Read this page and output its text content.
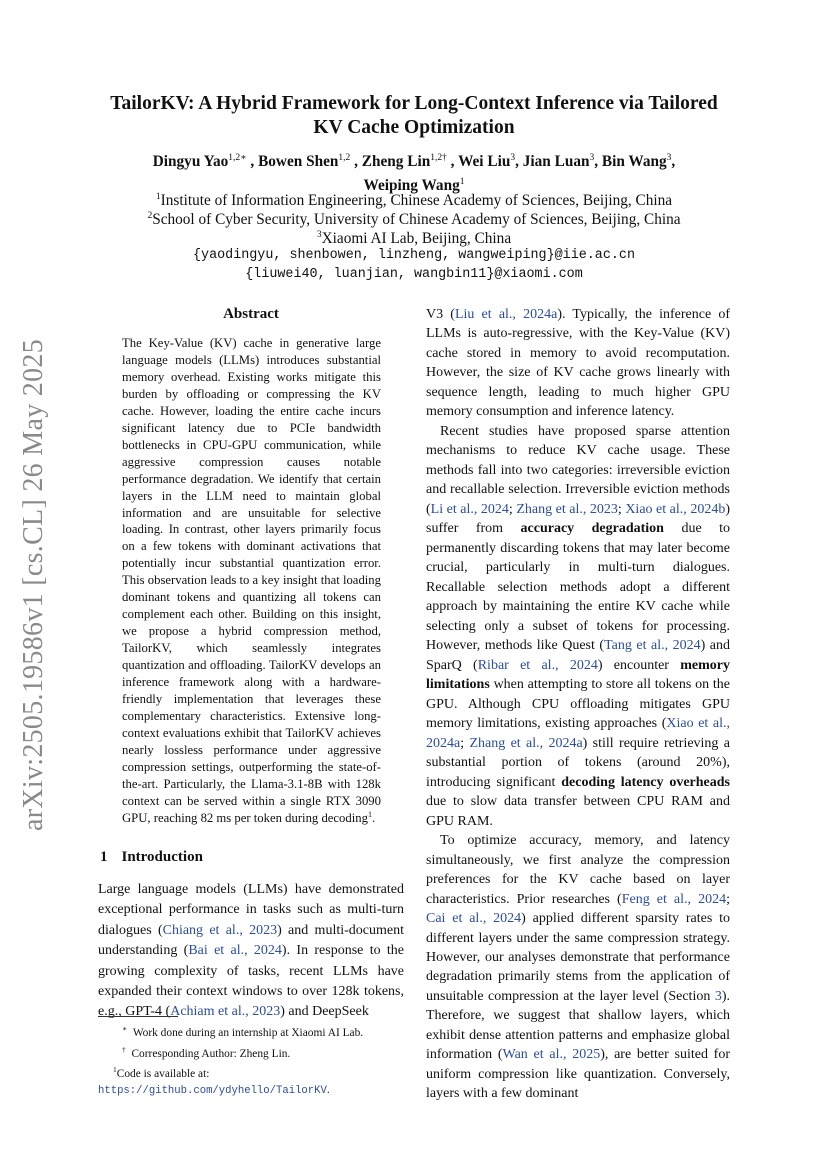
arXiv:2505.19586v1 [cs.CL] 26 May 2025
TailorKV: A Hybrid Framework for Long-Context Inference via Tailored
KV Cache Optimization
Dingyu Yao$^{1,2∗}$ , Bowen Shen$^{1,2}$ , Zheng Lin$^{1,2\dagger}$ , Wei Liu$^3$, Jian Luan$^3$, Bin Wang$^3$,
Weiping Wang$^1$
$^1$Institute of Information Engineering, Chinese Academy of Sciences, Beijing, China
$^2$School of Cyber Security, University of Chinese Academy of Sciences, Beijing, China
$^3$Xiaomi AI Lab, Beijing, China
{yaodingyu, shenbowen, linzheng, wangweiping}@iie.ac.cn
{liuwei40, luanjian, wangbin11}@xiaomi.com
Abstract
The Key-Value (KV) cache in generative large language models (LLMs) introduces substantial memory overhead. Existing works mitigate this burden by offloading or compressing the KV cache. However, loading the entire cache incurs significant latency due to PCIe bandwidth bottlenecks in CPU-GPU communication, while aggressive compression causes notable performance degradation. We identify that certain layers in the LLM need to maintain global information and are unsuitable for selective loading. In contrast, other layers primarily focus on a few tokens with dominant activations that potentially incur substantial quantization error. This observation leads to a key insight that loading dominant tokens and quantizing all tokens can complement each other. Building on this insight, we propose a hybrid compression method, TailorKV, which seamlessly integrates quantization and offloading. TailorKV develops an inference framework along with a hardware-friendly implementation that leverages these complementary characteristics. Extensive long-context evaluations exhibit that TailorKV achieves nearly lossless performance under aggressive compression settings, outperforming the state-of-the-art. Particularly, the Llama-3.1-8B with 128k context can be served within a single RTX 3090 GPU, reaching 82 ms per token during decoding$^1$.
1 Introduction
Large language models (LLMs) have demonstrated exceptional performance in tasks such as multi-turn dialogues (Chiang et al., 2023) and multi-document understanding (Bai et al., 2024). In response to the growing complexity of tasks, recent LLMs have expanded their context windows to over 128k tokens, e.g., GPT-4 (Achiam et al., 2023) and DeepSeek
∗ Work done during an internship at Xiaomi AI Lab.
† Corresponding Author: Zheng Lin.
$^1$Code is available at: https://github.com/ydyhello/TailorKV.

V3 (Liu et al., 2024a). Typically, the inference of LLMs is auto-regressive, with the Key-Value (KV) cache stored in memory to avoid recomputation. However, the size of KV cache grows linearly with sequence length, leading to much higher GPU memory consumption and inference latency.

Recent studies have proposed sparse attention mechanisms to reduce KV cache usage. These methods fall into two categories: irreversible eviction and recallable selection. Irreversible eviction methods (Li et al., 2024; Zhang et al., 2023; Xiao et al., 2024b) suffer from accuracy degradation due to permanently discarding tokens that may later become crucial, particularly in multi-turn dialogues. Recallable selection methods adopt a different approach by maintaining the entire KV cache while selecting only a subset of tokens for processing. However, methods like Quest (Tang et al., 2024) and SparQ (Ribar et al., 2024) encounter memory limitations when attempting to store all tokens on the GPU. Although CPU offloading mitigates GPU memory limitations, existing approaches (Xiao et al., 2024a; Zhang et al., 2024a) still require retrieving a substantial portion of tokens (around 20%), introducing significant decoding latency overheads due to slow data transfer between CPU RAM and GPU RAM.

To optimize accuracy, memory, and latency simultaneously, we first analyze the compression preferences for the KV cache based on layer characteristics. Prior researches (Feng et al., 2024; Cai et al., 2024) applied different sparsity rates to different layers under the same compression strategy. However, our analyses demonstrate that performance degradation primarily stems from the application of unsuitable compression at the layer level (Section 3). Therefore, we suggest that shallow layers, which exhibit dense attention patterns and emphasize global information (Wan et al., 2025), are better suited for uniform compression like quantization. Conversely, layers with a few dominant
